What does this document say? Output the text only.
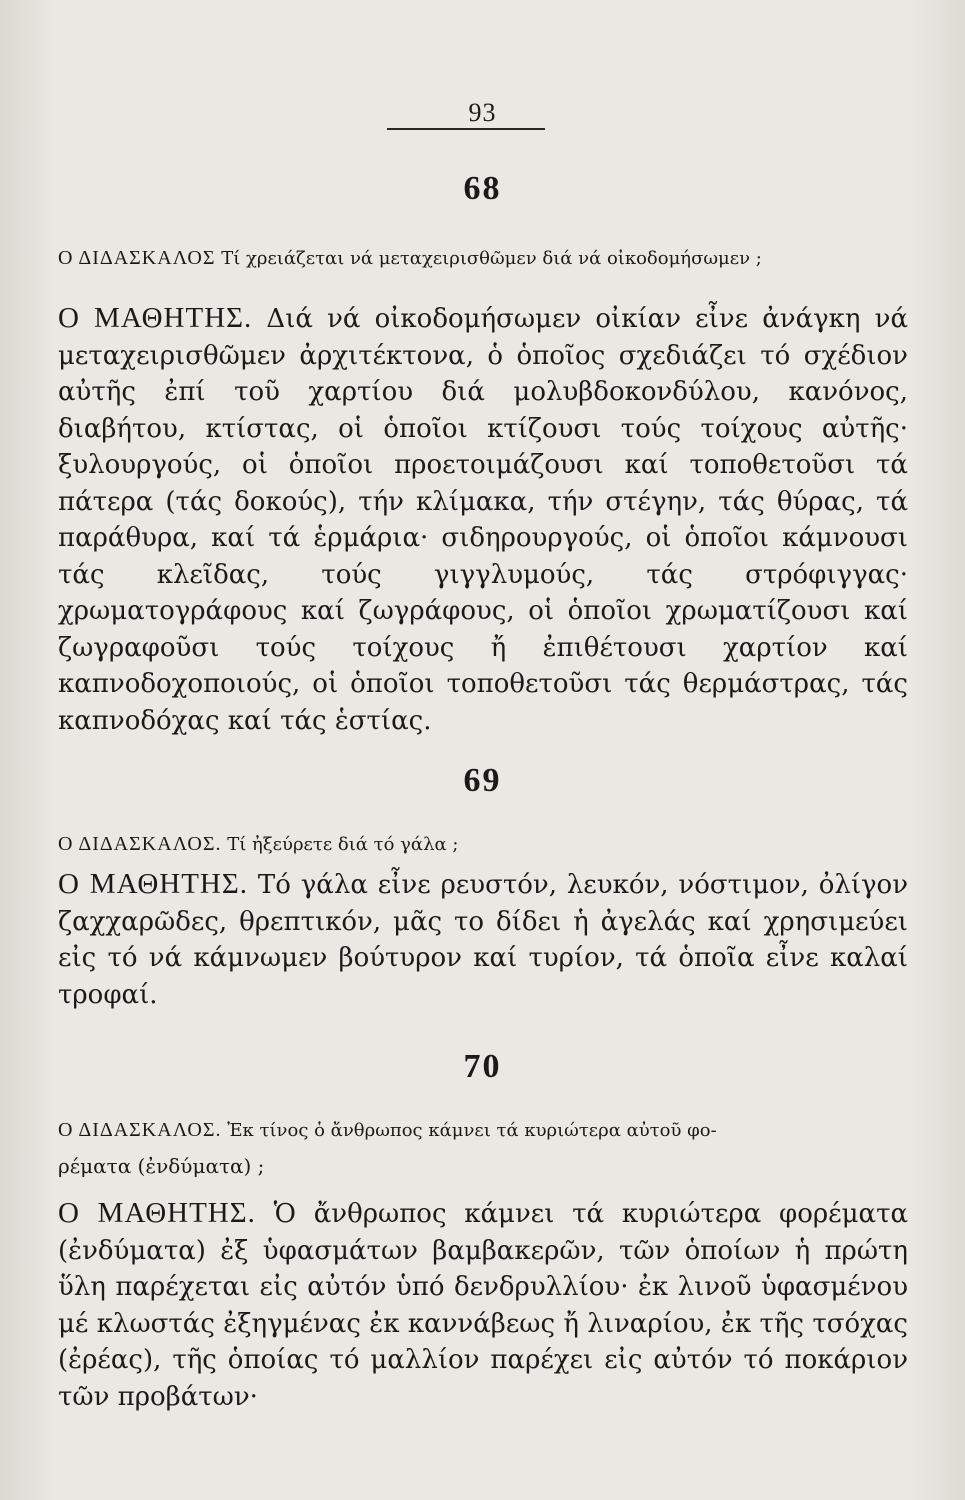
93
68
Ο ΔΙΔΑΣΚΑΛΟΣ Τί χρειάζεται νά μεταχειρισθῶμεν διά νά οἰκοδομήσωμεν ;
Ο ΜΑΘΗΤΗΣ. Διά νά οἰκοδομήσωμεν οἰκίαν εἶνε ἀνάγκη νά μεταχειρισθῶμεν ἀρχιτέκτονα, ὁ ὁποῖος σχεδιάζει τό σχέδιον αὐτῆς ἐπί τοῦ χαρτίου διά μολυβδοκονδύλου, κανόνος, διαβήτου, κτίστας, οἱ ὁποῖοι κτίζουσι τούς τοίχους αὐτῆς· ξυλουργούς, οἱ ὁποῖοι προετοιμάζουσι καί τοποθετοῦσι τά πάτερα (τάς δοκούς), τήν κλίμακα, τήν στέγην, τάς θύρας, τά παράθυρα, καί τά ἑρμάρια· σιδηρουργούς, οἱ ὁποῖοι κάμνουσι τάς κλεῖδας, τούς γιγγλυμούς, τάς στρόφιγγας· χρωματογράφους καί ζωγράφους, οἱ ὁποῖοι χρωματίζουσι καί ζωγραφοῦσι τούς τοίχους ἤ ἐπιθέτουσι χαρτίον καί καπνοδοχοποιούς, οἱ ὁποῖοι τοποθετοῦσι τάς θερμάστρας, τάς καπνοδόχας καί τάς ἑστίας.
69
Ο ΔΙΔΑΣΚΑΛΟΣ. Τί ἠξεύρετε διά τό γάλα ;
Ο ΜΑΘΗΤΗΣ. Τό γάλα εἶνε ρευστόν, λευκόν, νόστιμον, ὀλίγον ζαχχαρῶδες, θρεπτικόν, μᾶς το δίδει ἡ ἀγελάς καί χρησιμεύει εἰς τό νά κάμνωμεν βούτυρον καί τυρίον, τά ὁποῖα εἶνε καλαί τροφαί.
70
Ο ΔΙΔΑΣΚΑΛΟΣ. Ἐκ τίνος ὁ ἄνθρωπος κάμνει τά κυριώτερα αὐτοῦ φο-
ρέματα (ἐνδύματα) ;
Ο ΜΑΘΗΤΗΣ. Ὁ ἄνθρωπος κάμνει τά κυριώτερα φορέματα (ἐνδύματα) ἐξ ὑφασμάτων βαμβακερῶν, τῶν ὁποίων ἡ πρώτη ὕλη παρέχεται εἰς αὐτόν ὑπό δενδρυλλίου· ἐκ λινοῦ ὑφασμένου μέ κλωστάς ἐξηγμένας ἐκ καννάβεως ἤ λιναρίου, ἐκ τῆς τσόχας (ἐρέας), τῆς ὁποίας τό μαλλίον παρέχει εἰς αὐτόν τό ποκάριον τῶν προβάτων·
